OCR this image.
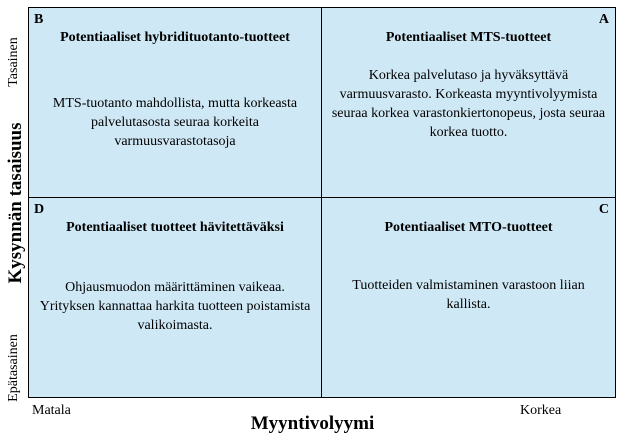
B
Potentiaaliset hybridituotanto-tuotteet
MTS-tuotanto mahdollista, mutta korkeasta palvelutasosta seuraa korkeita varmuusvarastotasoja
A
Potentiaaliset MTS-tuotteet
Korkea palvelutaso ja hyväksyttävä varmuusvarasto. Korkeasta myyntivolyymista seuraa korkea varastonkiertonopeus, josta seuraa korkea tuotto.
D
Potentiaaliset tuotteet hävitettäväksi
Ohjausmuodon määrittäminen vaikeaa. Yrityksen kannattaa harkita tuotteen poistamista valikoimasta.
C
Potentiaaliset MTO-tuotteet
Tuotteiden valmistaminen varastoon liian kallista.
Tasainen
Kysynnän tasaisuus
Epätasainen
Matala	Korkea
Myyntivolyymi
